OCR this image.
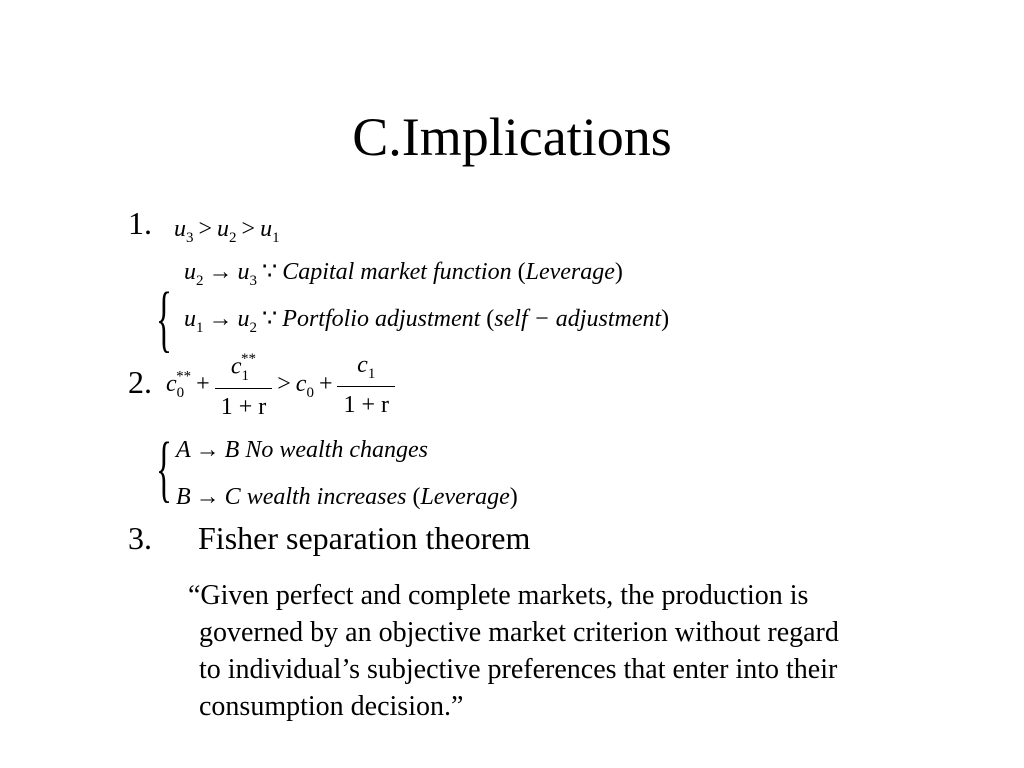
C.Implications
1. $u_3 > u_2 > u_1$
{
$u_2 \to u_3$ ∵ Capital market function (Leverage)
$u_1 \to u_2$ ∵ Portfolio adjustment (self − adjustment)
2. $c_0^{**} + \frac{c_1^{**}}{1 + r} > c_0 + \frac{c_1}{1 + r}$
{ A → B No wealth changes
B → C wealth increases (Leverage)
3. Fisher separation theorem
“Given perfect and complete markets, the production is
governed by an objective market criterion without regard
to individual’s subjective preferences that enter into their
consumption decision.”
